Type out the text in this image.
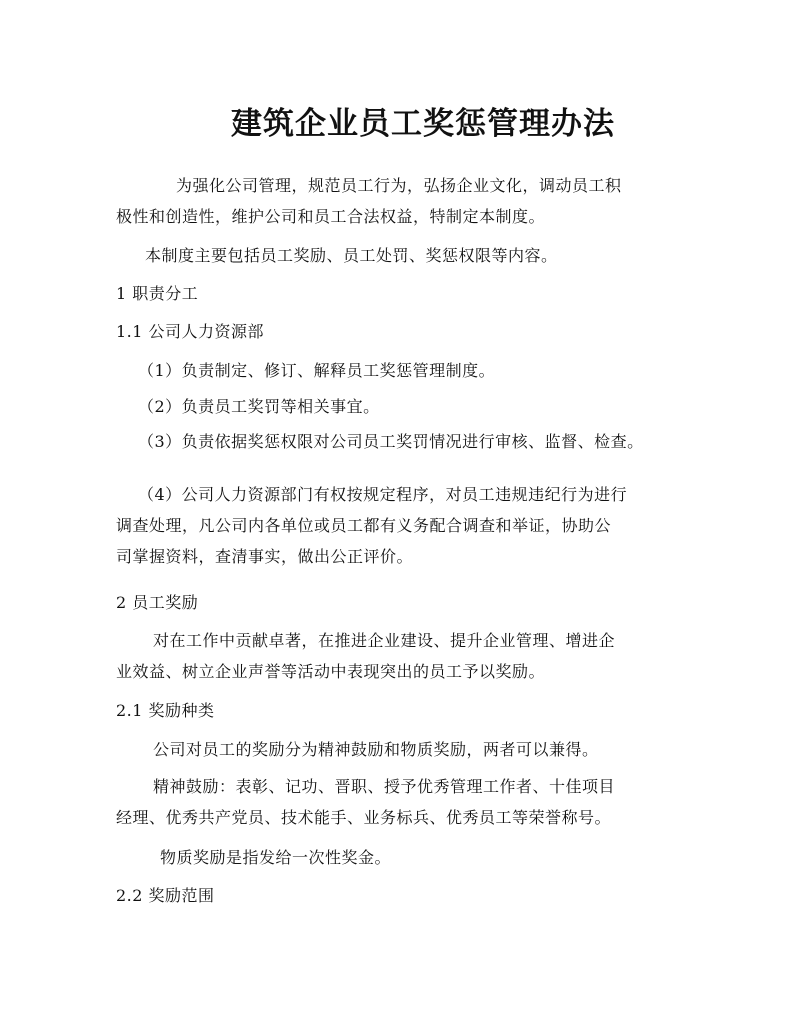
建筑企业员工奖惩管理办法
为强化公司管理，规范员工行为，弘扬企业文化，调动员工积
极性和创造性，维护公司和员工合法权益，特制定本制度。
本制度主要包括员工奖励、员工处罚、奖惩权限等内容。
1 职责分工
1.1 公司人力资源部
（1）负责制定、修订、解释员工奖惩管理制度。
（2）负责员工奖罚等相关事宜。
（3）负责依据奖惩权限对公司员工奖罚情况进行审核、监督、检查。
（4）公司人力资源部门有权按规定程序，对员工违规违纪行为进行
调查处理，凡公司内各单位或员工都有义务配合调查和举证，协助公
司掌握资料，查清事实，做出公正评价。
2 员工奖励
对在工作中贡献卓著，在推进企业建设、提升企业管理、增进企
业效益、树立企业声誉等活动中表现突出的员工予以奖励。
2.1 奖励种类
公司对员工的奖励分为精神鼓励和物质奖励，两者可以兼得。
精神鼓励：表彰、记功、晋职、授予优秀管理工作者、十佳项目
经理、优秀共产党员、技术能手、业务标兵、优秀员工等荣誉称号。
物质奖励是指发给一次性奖金。
2.2 奖励范围
